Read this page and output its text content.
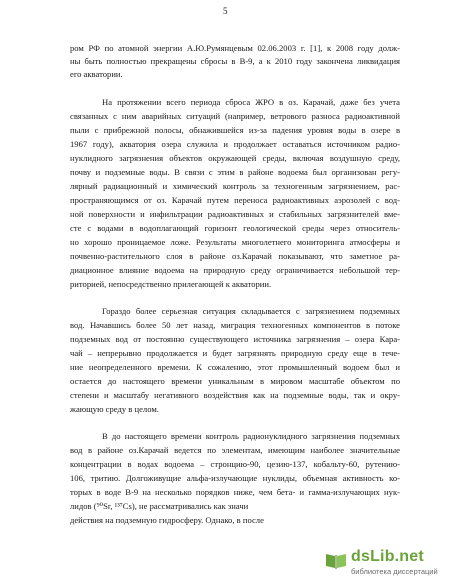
5
ром РФ по атомной энергии А.Ю.Румянцевым 02.06.2003 г. [1], к 2008 году долж-
ны быть полностью прекращены сбросы в В-9, а к 2010 году закончена ликвидация
его акватории.
На протяжении всего периода сброса ЖРО в оз. Карачай, даже без учета
связанных с ним аварийных ситуаций (например, ветрового разноса радиоактивной
пыли с прибрежной полосы, обнажившейся из-за падения уровня воды в озере в
1967 году), акватория озера служила и продолжает оставаться источником радио-
нуклидного загрязнения объектов окружающей среды, включая воздушную среду,
почву и подземные воды. В связи с этим в районе водоема был организован регу-
лярный радиационный и химический контроль за техногенным загрязнением, рас-
пространяющимся от оз. Карачай путем переноса радиоактивных аэрозолей с вод-
ной поверхности и инфильтрации радиоактивных и стабильных загрязнителей вме-
сте с водами в водоплагающий горизонт геологической среды через относитель-
но хорошо проницаемое ложе. Результаты многолетнего мониторинга атмосферы и
почвенно-растительного слоя в районе оз.Карачай показывают, что заметное ра-
диационное влияние водоема на природную среду ограничивается небольшой тер-
риторией, непосредственно прилегающей к акватории.
Гораздо более серьезная ситуация складывается с загрязнением подземных
вод. Начавшись более 50 лет назад, миграция техногенных компонентов в потоке
подземных вод от постоянно существующего источника загрязнения – озера Кара-
чай – непрерывно продолжается и будет загрязнять природную среду еще в тече-
ние неопределенного времени. К сожалению, этот промышленный водоем был и
остается до настоящего времени уникальным в мировом масштабе объектом по
степени и масштабу негативного воздействия как на подземные воды, так и окру-
жающую среду в целом.
В до настоящего времени контроль радионуклидного загрязнения подземных
вод в районе оз.Карачай ведется по элементам, имеющим наиболее значительные
концентрации в водах водоема – стронцию-90, цезию-137, кобальту-60, рутению-
106, тритию. Долгоживущие альфа-излучающие нуклиды, объемная активность ко-
торых в воде В-9 на несколько порядков ниже, чем бета- и гамма-излучающих нук-
лидов (⁹⁰Sr, ¹³⁷Cs), не рассматривались как значи
действия на подземную гидросферу. Однако, в после
dsLib.net
библиотека диссертаций
